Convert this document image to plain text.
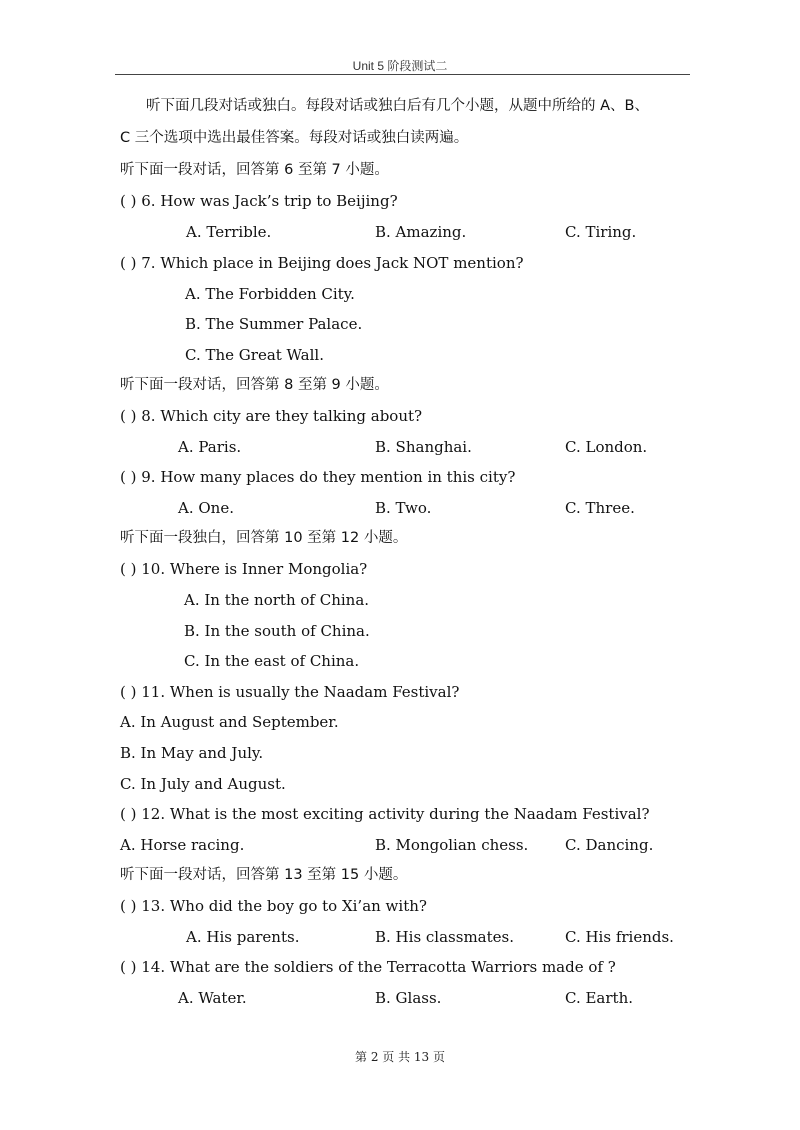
Unit 5 阶段测试二
听下面几段对话或独白。每段对话或独白后有几个小题，从题中所给的 A、B、
C 三个选项中选出最佳答案。每段对话或独白读两遍。
听下面一段对话，回答第 6 至第 7 小题。
( ) 6. How was Jack’s trip to Beijing?
A. Terrible.	B. Amazing.	C. Tiring.
( ) 7. Which place in Beijing does Jack NOT mention?
A. The Forbidden City.
B. The Summer Palace.
C. The Great Wall.
听下面一段对话，回答第 8 至第 9 小题。
( ) 8. Which city are they talking about?
A. Paris.	B. Shanghai.	C. London.
( ) 9. How many places do they mention in this city?
A. One.	B. Two.	C. Three.
听下面一段独白，回答第 10 至第 12 小题。
( ) 10. Where is Inner Mongolia?
A. In the north of China.
B. In the south of China.
C. In the east of China.
( ) 11. When is usually the Naadam Festival?
A. In August and September.
B. In May and July.
C. In July and August.
( ) 12. What is the most exciting activity during the Naadam Festival?
A. Horse racing.	B. Mongolian chess. C. Dancing.
听下面一段对话，回答第 13 至第 15 小题。
( ) 13. Who did the boy go to Xi’an with?
A. His parents.	B. His classmates.	C. His friends.
( ) 14. What are the soldiers of the Terracotta Warriors made of ?
A. Water.	B. Glass.	C. Earth.
第 2 页 共 13 页
